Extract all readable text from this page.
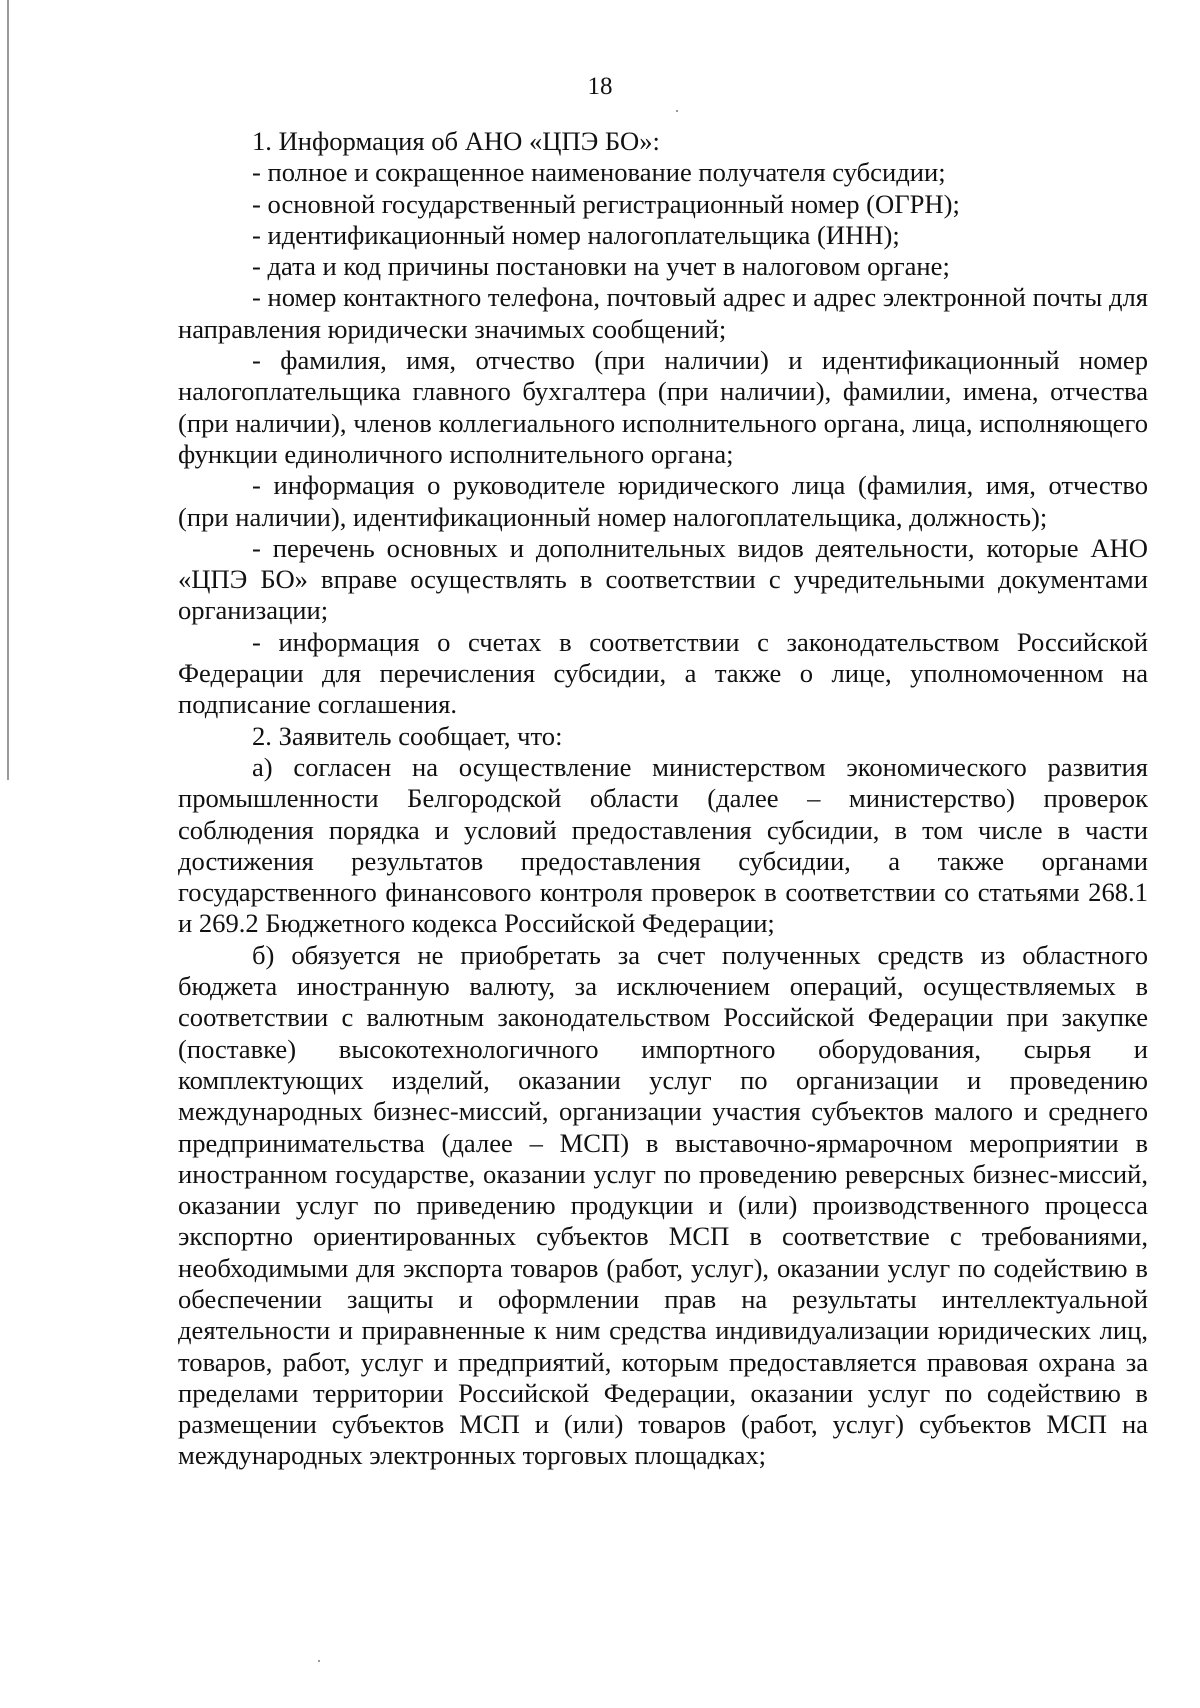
18

1. Информация об АНО «ЦПЭ БО»:

- полное и сокращенное наименование получателя субсидии;

- основной государственный регистрационный номер (ОГРН);

- идентификационный номер налогоплательщика (ИНН);

- дата и код причины постановки на учет в налоговом органе;

- номер контактного телефона, почтовый адрес и адрес электронной почты для направления юридически значимых сообщений;

- фамилия, имя, отчество (при наличии) и идентификационный номер налогоплательщика главного бухгалтера (при наличии), фамилии, имена, отчества (при наличии), членов коллегиального исполнительного органа, лица, исполняющего функции единоличного исполнительного органа;

- информация о руководителе юридического лица (фамилия, имя, отчество (при наличии), идентификационный номер налогоплательщика, должность);

- перечень основных и дополнительных видов деятельности, которые АНО «ЦПЭ БО» вправе осуществлять в соответствии с учредительными документами организации;

- информация о счетах в соответствии с законодательством Российской Федерации для перечисления субсидии, а также о лице, уполномоченном на подписание соглашения.

2. Заявитель сообщает, что:

а) согласен на осуществление министерством экономического развития промышленности Белгородской области (далее – министерство) проверок соблюдения порядка и условий предоставления субсидии, в том числе в части достижения результатов предоставления субсидии, а также органами государственного финансового контроля проверок в соответствии со статьями 268.1 и 269.2 Бюджетного кодекса Российской Федерации;

б) обязуется не приобретать за счет полученных средств из областного бюджета иностранную валюту, за исключением операций, осуществляемых в соответствии с валютным законодательством Российской Федерации при закупке (поставке) высокотехнологичного импортного оборудования, сырья и комплектующих изделий, оказании услуг по организации и проведению международных бизнес-миссий, организации участия субъектов малого и среднего предпринимательства (далее – МСП) в выставочно-ярмарочном мероприятии в иностранном государстве, оказании услуг по проведению реверсных бизнес-миссий, оказании услуг по приведению продукции и (или) производственного процесса экспортно ориентированных субъектов МСП в соответствие с требованиями, необходимыми для экспорта товаров (работ, услуг), оказании услуг по содействию в обеспечении защиты и оформлении прав на результаты интеллектуальной деятельности и приравненные к ним средства индивидуализации юридических лиц, товаров, работ, услуг и предприятий, которым предоставляется правовая охрана за пределами территории Российской Федерации, оказании услуг по содействию в размещении субъектов МСП и (или) товаров (работ, услуг) субъектов МСП на международных электронных торговых площадках;
